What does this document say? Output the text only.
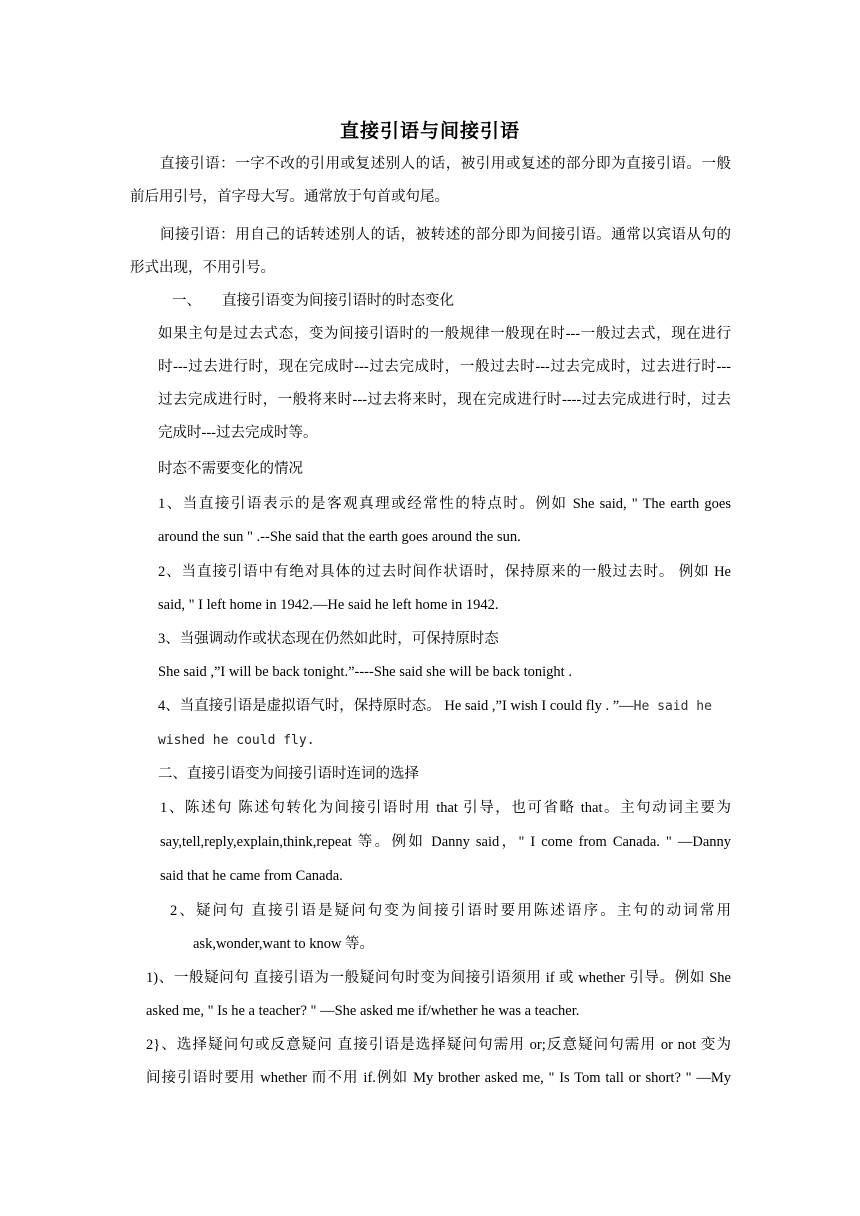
直接引语与间接引语
直接引语：一字不改的引用或复述别人的话，被引用或复述的部分即为直接引语。一般
前后用引号，首字母大写。通常放于句首或句尾。
间接引语：用自己的话转述别人的话，被转述的部分即为间接引语。通常以宾语从句的
形式出现，不用引号。
一、 直接引语变为间接引语时的时态变化
如果主句是过去式态，变为间接引语时的一般规律一般现在时---一般过去式，现在进行
时---过去进行时，现在完成时---过去完成时，一般过去时---过去完成时，过去进行时---
过去完成进行时，一般将来时---过去将来时，现在完成进行时----过去完成进行时，过去
完成时---过去完成时等。
时态不需要变化的情况
1、当直接引语表示的是客观真理或经常性的特点时。例如 She said, " The earth goes
around the sun " .--She said that the earth goes around the sun.
2、当直接引语中有绝对具体的过去时间作状语时，保持原来的一般过去时。 例如 He
said, " I left home in 1942.—He said he left home in 1942.
3、当强调动作或状态现在仍然如此时，可保持原时态
She said ,”I will be back tonight.”----She said she will be back tonight .
4、当直接引语是虚拟语气时，保持原时态。 He said ,”I wish I could fly . ”—He said he
wished he could fly.
二、直接引语变为间接引语时连词的选择
1、陈述句 陈述句转化为间接引语时用 that 引导，也可省略 that。主句动词主要为
say,tell,reply,explain,think,repeat 等。例如 Danny said，" I come from Canada. " —Danny
said that he came from Canada.
2、疑问句 直接引语是疑问句变为间接引语时要用陈述语序。主句的动词常用
ask,wonder,want to know 等。
1)、一般疑问句 直接引语为一般疑问句时变为间接引语须用 if 或 whether 引导。例如 She
asked me, " Is he a teacher? " —She asked me if/whether he was a teacher.
2}、选择疑问句或反意疑问 直接引语是选择疑问句需用 or;反意疑问句需用 or not 变为
间接引语时要用 whether 而不用 if.例如 My brother asked me, " Is Tom tall or short? " —My
